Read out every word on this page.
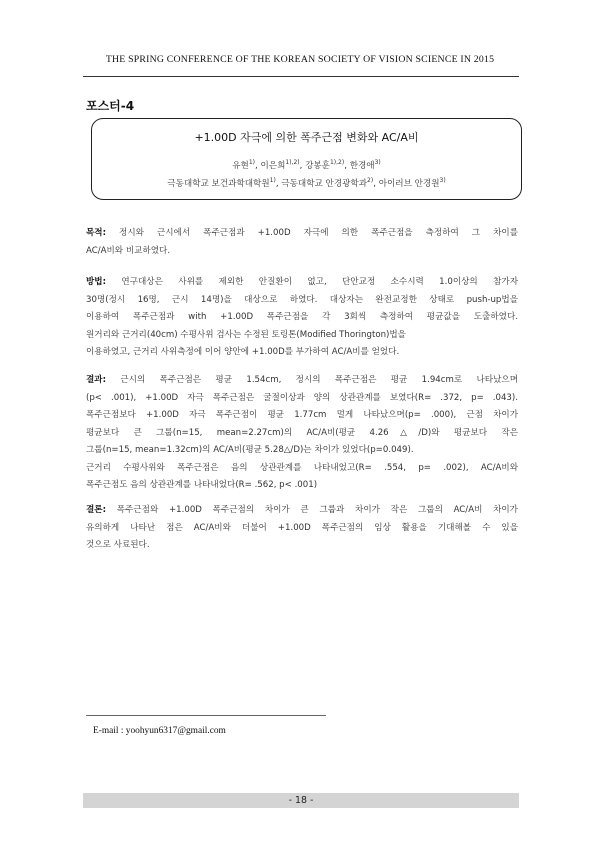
THE SPRING CONFERENCE OF THE KOREAN SOCIETY OF VISION SCIENCE IN 2015
포스터-4
+1.00D 자극에 의한 폭주근점 변화와 AC/A비
유현$^{1)}$, 이은희$^{1),2)}$, 강봉훈$^{1),2)}$, 한경애$^{3)}$
극동대학교 보건과학대학원$^{1)}$, 극동대학교 안경광학과$^{2)}$, 아이러브 안경원$^{3)}$
목적: 정시와 근시에서 폭주근점과 +1.00D 자극에 의한 폭주근점을 측정하여 그 차이를
AC/A비와 비교하였다.
방법: 연구대상은 사위를 제외한 안질환이 없고, 단안교정 소수시력 1.0이상의 참가자
30명(정시 16명, 근시 14명)을 대상으로 하였다. 대상자는 완전교정한 상태로 push-up법을
이용하여 폭주근점과 with +1.00D 폭주근점을 각 3회씩 측정하여 평균값을 도출하였다.
원거리와 근거리(40cm) 수평사위 검사는 수정된 토링톤(Modified Thorington)법을
이용하였고, 근거리 사위측정에 이어 양안에 +1.00D를 부가하여 AC/A비를 얻었다.
결과: 근시의 폭주근점은 평균 1.54cm, 정시의 폭주근점은 평균 1.94cm로 나타났으며
(p< .001), +1.00D 자극 폭주근점은 굴절이상과 양의 상관관계를 보였다(R= .372, p= .043).
폭주근점보다 +1.00D 자극 폭주근점이 평균 1.77cm 멀게 나타났으며(p= .000), 근점 차이가
평균보다 큰 그룹(n=15, mean=2.27cm)의 AC/A비(평균 4.26△/D)와 평균보다 작은
그룹(n=15, mean=1.32cm)의 AC/A비(평균 5.28△/D)는 차이가 있었다(p=0.049).
근거리 수평사위와 폭주근점은 음의 상관관계를 나타내었고(R= .554, p= .002), AC/A비와
폭주근점도 음의 상관관계를 나타내었다(R= .562, p< .001)
결론: 폭주근점와 +1.00D 폭주근점의 차이가 큰 그룹과 차이가 작은 그룹의 AC/A비 차이가
유의하게 나타난 점은 AC/A비와 더불어 +1.00D 폭주근점의 임상 활용을 기대해볼 수 있을
것으로 사료된다.
E-mail : yoohyun6317@gmail.com
- 18 -
